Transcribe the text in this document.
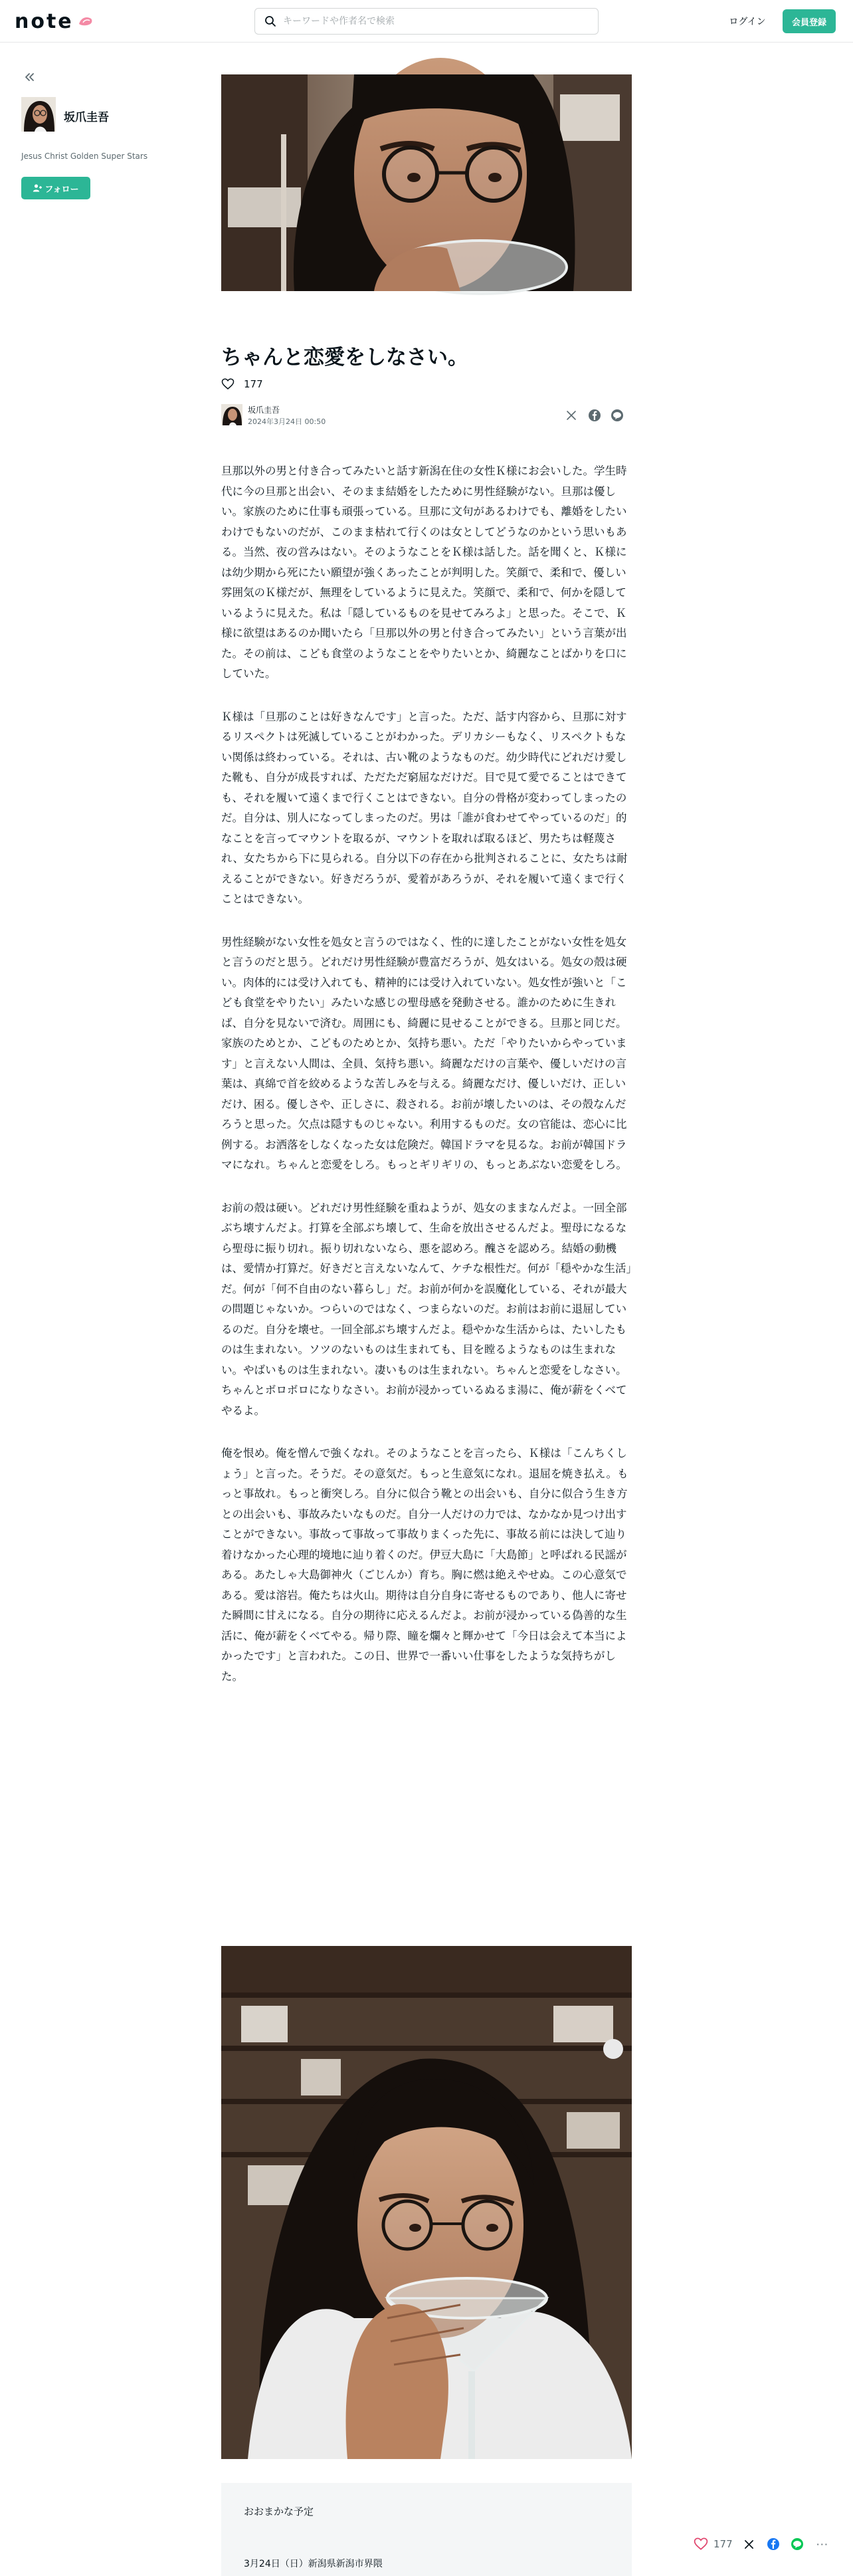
note
キーワードや作者名で検索	ログイン	会員登録
坂爪圭吾
Jesus Christ Golden Super Stars
フォロー
ちゃんと恋愛をしなさい。
177
坂爪圭吾
2024年3月24日 00:50

旦那以外の男と付き合ってみたいと話す新潟在住の女性Ｋ様にお会いした。学生時代に今の旦那と出会い、そのまま結婚をしたために男性経験がない。旦那は優しい。家族のために仕事も頑張っている。旦那に文句があるわけでも、離婚をしたいわけでもないのだが、このまま枯れて行くのは女としてどうなのかという思いもある。当然、夜の営みはない。そのようなことをＫ様は話した。話を聞くと、Ｋ様には幼少期から死にたい願望が強くあったことが判明した。笑顔で、柔和で、優しい雰囲気のＫ様だが、無理をしているように見えた。笑顔で、柔和で、何かを隠しているように見えた。私は「隠しているものを見せてみろよ」と思った。そこで、Ｋ様に欲望はあるのか聞いたら「旦那以外の男と付き合ってみたい」という言葉が出た。その前は、こども食堂のようなことをやりたいとか、綺麗なことばかりを口にしていた。

Ｋ様は「旦那のことは好きなんです」と言った。ただ、話す内容から、旦那に対するリスペクトは死滅していることがわかった。デリカシーもなく、リスペクトもない関係は終わっている。それは、古い靴のようなものだ。幼少時代にどれだけ愛した靴も、自分が成長すれば、ただただ窮屈なだけだ。目で見て愛でることはできても、それを履いて遠くまで行くことはできない。自分の骨格が変わってしまったのだ。自分は、別人になってしまったのだ。男は「誰が食わせてやっているのだ」的なことを言ってマウントを取るが、マウントを取れば取るほど、男たちは軽蔑され、女たちから下に見られる。自分以下の存在から批判されることに、女たちは耐えることができない。好きだろうが、愛着があろうが、それを履いて遠くまで行くことはできない。

男性経験がない女性を処女と言うのではなく、性的に達したことがない女性を処女と言うのだと思う。どれだけ男性経験が豊富だろうが、処女はいる。処女の殻は硬い。肉体的には受け入れても、精神的には受け入れていない。処女性が強いと「こども食堂をやりたい」みたいな感じの聖母感を発動させる。誰かのために生きれば、自分を見ないで済む。周囲にも、綺麗に見せることができる。旦那と同じだ。家族のためとか、こどものためとか、気持ち悪い。ただ「やりたいからやっています」と言えない人間は、全員、気持ち悪い。綺麗なだけの言葉や、優しいだけの言葉は、真綿で首を絞めるような苦しみを与える。綺麗なだけ、優しいだけ、正しいだけ、困る。優しさや、正しさに、殺される。お前が壊したいのは、その殻なんだろうと思った。欠点は隠すものじゃない。利用するものだ。女の官能は、恋心に比例する。お洒落をしなくなった女は危険だ。韓国ドラマを見るな。お前が韓国ドラマになれ。ちゃんと恋愛をしろ。もっとギリギリの、もっとあぶない恋愛をしろ。

お前の殻は硬い。どれだけ男性経験を重ねようが、処女のままなんだよ。一回全部ぶち壊すんだよ。打算を全部ぶち壊して、生命を放出させるんだよ。聖母になるなら聖母に振り切れ。振り切れないなら、悪を認めろ。醜さを認めろ。結婚の動機は、愛情か打算だ。好きだと言えないなんて、ケチな根性だ。何が「穏やかな生活」だ。何が「何不自由のない暮らし」だ。お前が何かを誤魔化している、それが最大の問題じゃないか。つらいのではなく、つまらないのだ。お前はお前に退屈しているのだ。自分を壊せ。一回全部ぶち壊すんだよ。穏やかな生活からは、たいしたものは生まれない。ソツのないものは生まれても、目を瞠るようなものは生まれない。やばいものは生まれない。凄いものは生まれない。ちゃんと恋愛をしなさい。ちゃんとボロボロになりなさい。お前が浸かっているぬるま湯に、俺が薪をくべてやるよ。

俺を恨め。俺を憎んで強くなれ。そのようなことを言ったら、Ｋ様は「こんちくしょう」と言った。そうだ。その意気だ。もっと生意気になれ。退屈を焼き払え。もっと事故れ。もっと衝突しろ。自分に似合う靴との出会いも、自分に似合う生き方との出会いも、事故みたいなものだ。自分一人だけの力では、なかなか見つけ出すことができない。事故って事故って事故りまくった先に、事故る前には決して辿り着けなかった心理的境地に辿り着くのだ。伊豆大島に「大島節」と呼ばれる民謡がある。あたしゃ大島御神火（ごじんか）育ち。胸に燃は絶えやせぬ。この心意気である。愛は溶岩。俺たちは火山。期待は自分自身に寄せるものであり、他人に寄せた瞬間に甘えになる。自分の期待に応えるんだよ。お前が浸かっている偽善的な生活に、俺が薪をくべてやる。帰り際、瞳を爛々と輝かせて「今日は会えて本当によかったです」と言われた。この日、世界で一番いい仕事をしたような気持ちがした。

おおまかな予定
3月24日（日）新潟県新潟市界隈
177	···
